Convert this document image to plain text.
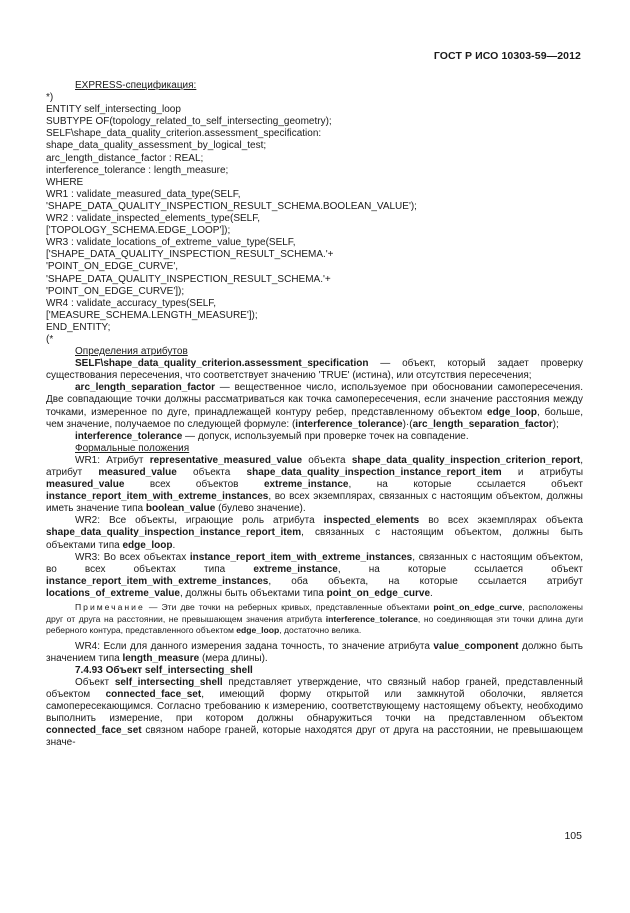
ГОСТ Р ИСО 10303-59—2012
EXPRESS-спецификация:
*)
ENTITY self_intersecting_loop
SUBTYPE OF(topology_related_to_self_intersecting_geometry);
SELF\shape_data_quality_criterion.assessment_specification:
shape_data_quality_assessment_by_logical_test;
arc_length_distance_factor : REAL;
interference_tolerance : length_measure;
WHERE
WR1 : validate_measured_data_type(SELF,
'SHAPE_DATA_QUALITY_INSPECTION_RESULT_SCHEMA.BOOLEAN_VALUE');
WR2 : validate_inspected_elements_type(SELF,
['TOPOLOGY_SCHEMA.EDGE_LOOP']);
WR3 : validate_locations_of_extreme_value_type(SELF,
['SHAPE_DATA_QUALITY_INSPECTION_RESULT_SCHEMA.'+
'POINT_ON_EDGE_CURVE',
'SHAPE_DATA_QUALITY_INSPECTION_RESULT_SCHEMA.'+
'POINT_ON_EDGE_CURVE']);
WR4 : validate_accuracy_types(SELF,
['MEASURE_SCHEMA.LENGTH_MEASURE']);
END_ENTITY;
(*
Определения атрибутов

SELF\shape_data_quality_criterion.assessment_specification — объект, который задает проверку существования пересечения, что соответствует значению 'TRUE' (истина), или отсутствия пересечения;

arc_length_separation_factor — вещественное число, используемое при обосновании самопересечения. Две совпадающие точки должны рассматриваться как точка самопересечения, если значение расстояния между точками, измеренное по дуге, принадлежащей контуру ребер, представленному объектом edge_loop, больше, чем значение, получаемое по следующей формуле: (interference_tolerance)·(arc_length_separation_factor);

interference_tolerance — допуск, используемый при проверке точек на совпадение.

Формальные положения

WR1: Атрибут representative_measured_value объекта shape_data_quality_inspection_criterion_report, атрибут measured_value объекта shape_data_quality_inspection_instance_report_item и атрибуты measured_value всех объектов extreme_instance, на которые ссылается объект instance_report_item_with_extreme_instances, во всех экземплярах, связанных с настоящим объектом, должны иметь значение типа boolean_value (булево значение).

WR2: Все объекты, играющие роль атрибута inspected_elements во всех экземплярах объекта shape_data_quality_inspection_instance_report_item, связанных с настоящим объектом, должны быть объектами типа edge_loop.

WR3: Во всех объектах instance_report_item_with_extreme_instances, связанных с настоящим объектом, во всех объектах типа extreme_instance, на которые ссылается объект instance_report_item_with_extreme_instances, оба объекта, на которые ссылается атрибут locations_of_extreme_value, должны быть объектами типа point_on_edge_curve.

Примечание — Эти две точки на реберных кривых, представленные объектами point_on_edge_curve, расположены друг от друга на расстоянии, не превышающем значения атрибута interference_tolerance, но соединяющая эти точки длина дуги реберного контура, представленного объектом edge_loop, достаточно велика.

WR4: Если для данного измерения задана точность, то значение атрибута value_component должно быть значением типа length_measure (мера длины).

7.4.93 Объект self_intersecting_shell

Объект self_intersecting_shell представляет утверждение, что связный набор граней, представленный объектом connected_face_set, имеющий форму открытой или замкнутой оболочки, является самопересекающимся. Согласно требованию к измерению, соответствующему настоящему объекту, необходимо выполнить измерение, при котором должны обнаружиться точки на представленном объектом connected_face_set связном наборе граней, которые находятся друг от друга на расстоянии, не превышающем значе-

105
